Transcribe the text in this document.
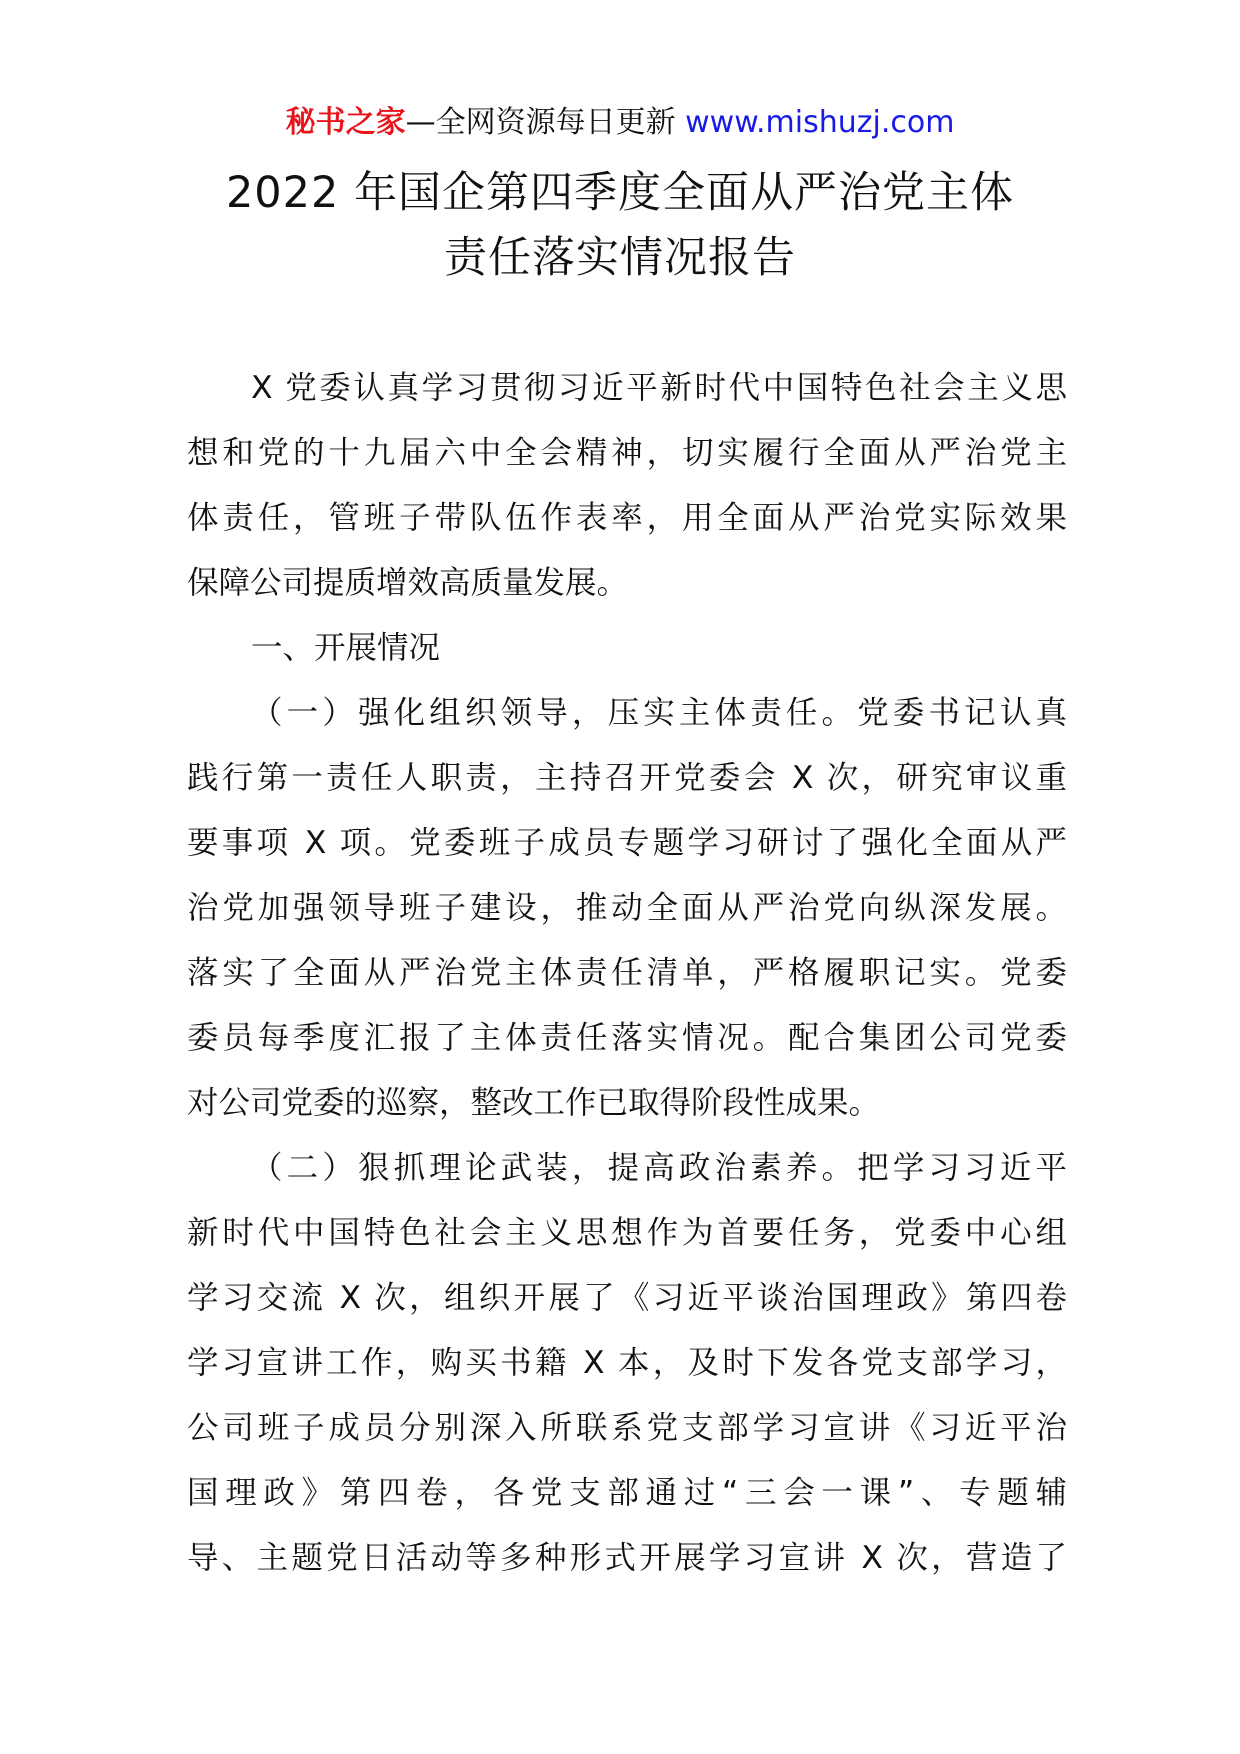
秘书之家—全网资源每日更新 www.mishuzj.com
2022 年国企第四季度全面从严治党主体
责任落实情况报告
X 党委认真学习贯彻习近平新时代中国特色社会主义思
想和党的十九届六中全会精神，切实履行全面从严治党主
体责任，管班子带队伍作表率，用全面从严治党实际效果
保障公司提质增效高质量发展。
一、开展情况
（一）强化组织领导，压实主体责任。党委书记认真
践行第一责任人职责，主持召开党委会 X 次，研究审议重
要事项 X 项。党委班子成员专题学习研讨了强化全面从严
治党加强领导班子建设，推动全面从严治党向纵深发展。
落实了全面从严治党主体责任清单，严格履职记实。党委
委员每季度汇报了主体责任落实情况。配合集团公司党委
对公司党委的巡察，整改工作已取得阶段性成果。
（二）狠抓理论武装，提高政治素养。把学习习近平
新时代中国特色社会主义思想作为首要任务，党委中心组
学习交流 X 次，组织开展了《习近平谈治国理政》第四卷
学习宣讲工作，购买书籍 X 本，及时下发各党支部学习，
公司班子成员分别深入所联系党支部学习宣讲《习近平治
国理政》第四卷，各党支部通过“三会一课”、专题辅
导、主题党日活动等多种形式开展学习宣讲 X 次，营造了
